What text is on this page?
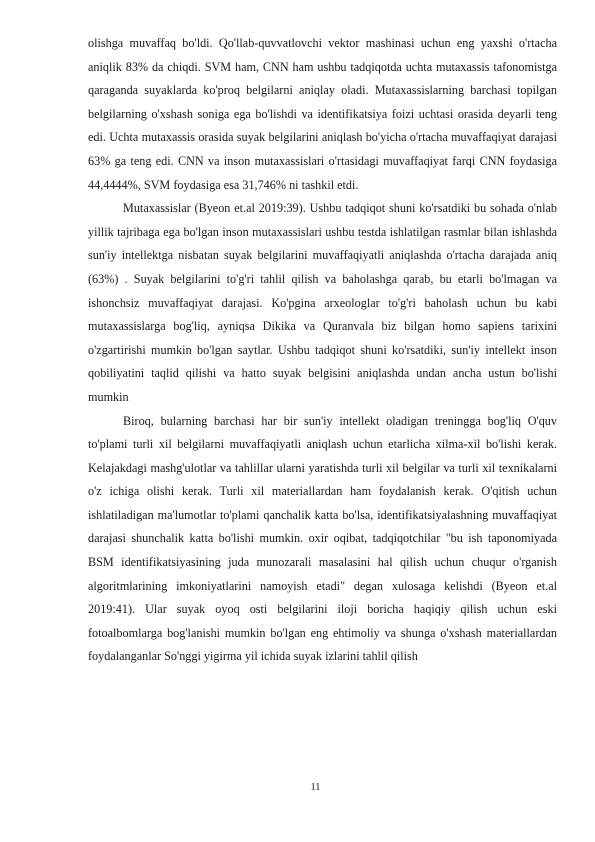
olishga muvaffaq bo'ldi. Qo'llab-quvvatlovchi vektor mashinasi uchun eng yaxshi o'rtacha aniqlik 83% da chiqdi. SVM ham, CNN ham ushbu tadqiqotda uchta mutaxassis tafonomistga qaraganda suyaklarda ko'proq belgilarni aniqlay oladi. Mutaxassislarning barchasi topilgan belgilarning o'xshash soniga ega bo'lishdi va identifikatsiya foizi uchtasi orasida deyarli teng edi. Uchta mutaxassis orasida suyak belgilarini aniqlash bo'yicha o'rtacha muvaffaqiyat darajasi 63% ga teng edi. CNN va inson mutaxassislari o'rtasidagi muvaffaqiyat farqi CNN foydasiga 44,4444%, SVM foydasiga esa 31,746% ni tashkil etdi.

Mutaxassislar (Byeon et.al 2019:39). Ushbu tadqiqot shuni ko'rsatdiki bu sohada o'nlab yillik tajribaga ega bo'lgan inson mutaxassislari ushbu testda ishlatilgan rasmlar bilan ishlashda sun'iy intellektga nisbatan suyak belgilarini muvaffaqiyatli aniqlashda o'rtacha darajada aniq (63%) . Suyak belgilarini to'g'ri tahlil qilish va baholashga qarab, bu etarli bo'lmagan va ishonchsiz muvaffaqiyat darajasi. Ko'pgina arxeologlar to'g'ri baholash uchun bu kabi mutaxassislarga bog'liq, ayniqsa Dikika va Quranvala biz bilgan homo sapiens tarixini o'zgartirishi mumkin bo'lgan saytlar. Ushbu tadqiqot shuni ko'rsatdiki, sun'iy intellekt inson qobiliyatini taqlid qilishi va hatto suyak belgisini aniqlashda undan ancha ustun bo'lishi mumkin

Biroq, bularning barchasi har bir sun'iy intellekt oladigan treningga bog'liq O'quv to'plami turli xil belgilarni muvaffaqiyatli aniqlash uchun etarlicha xilma-xil bo'lishi kerak. Kelajakdagi mashg'ulotlar va tahlillar ularni yaratishda turli xil belgilar va turli xil texnikalarni o'z ichiga olishi kerak. Turli xil materiallardan ham foydalanish kerak. O'qitish uchun ishlatiladigan ma'lumotlar to'plami qanchalik katta bo'lsa, identifikatsiyalashning muvaffaqiyat darajasi shunchalik katta bo'lishi mumkin. oxir oqibat, tadqiqotchilar "bu ish taponomiyada BSM identifikatsiyasining juda munozarali masalasini hal qilish uchun chuqur o'rganish algoritmlarining imkoniyatlarini namoyish etadi" degan xulosaga kelishdi (Byeon et.al 2019:41). Ular suyak oyoq osti belgilarini iloji boricha haqiqiy qilish uchun eski fotoalbomlarga bog'lanishi mumkin bo'lgan eng ehtimoliy va shunga o'xshash materiallardan foydalanganlar So'nggi yigirma yil ichida suyak izlarini tahlil qilish

11
